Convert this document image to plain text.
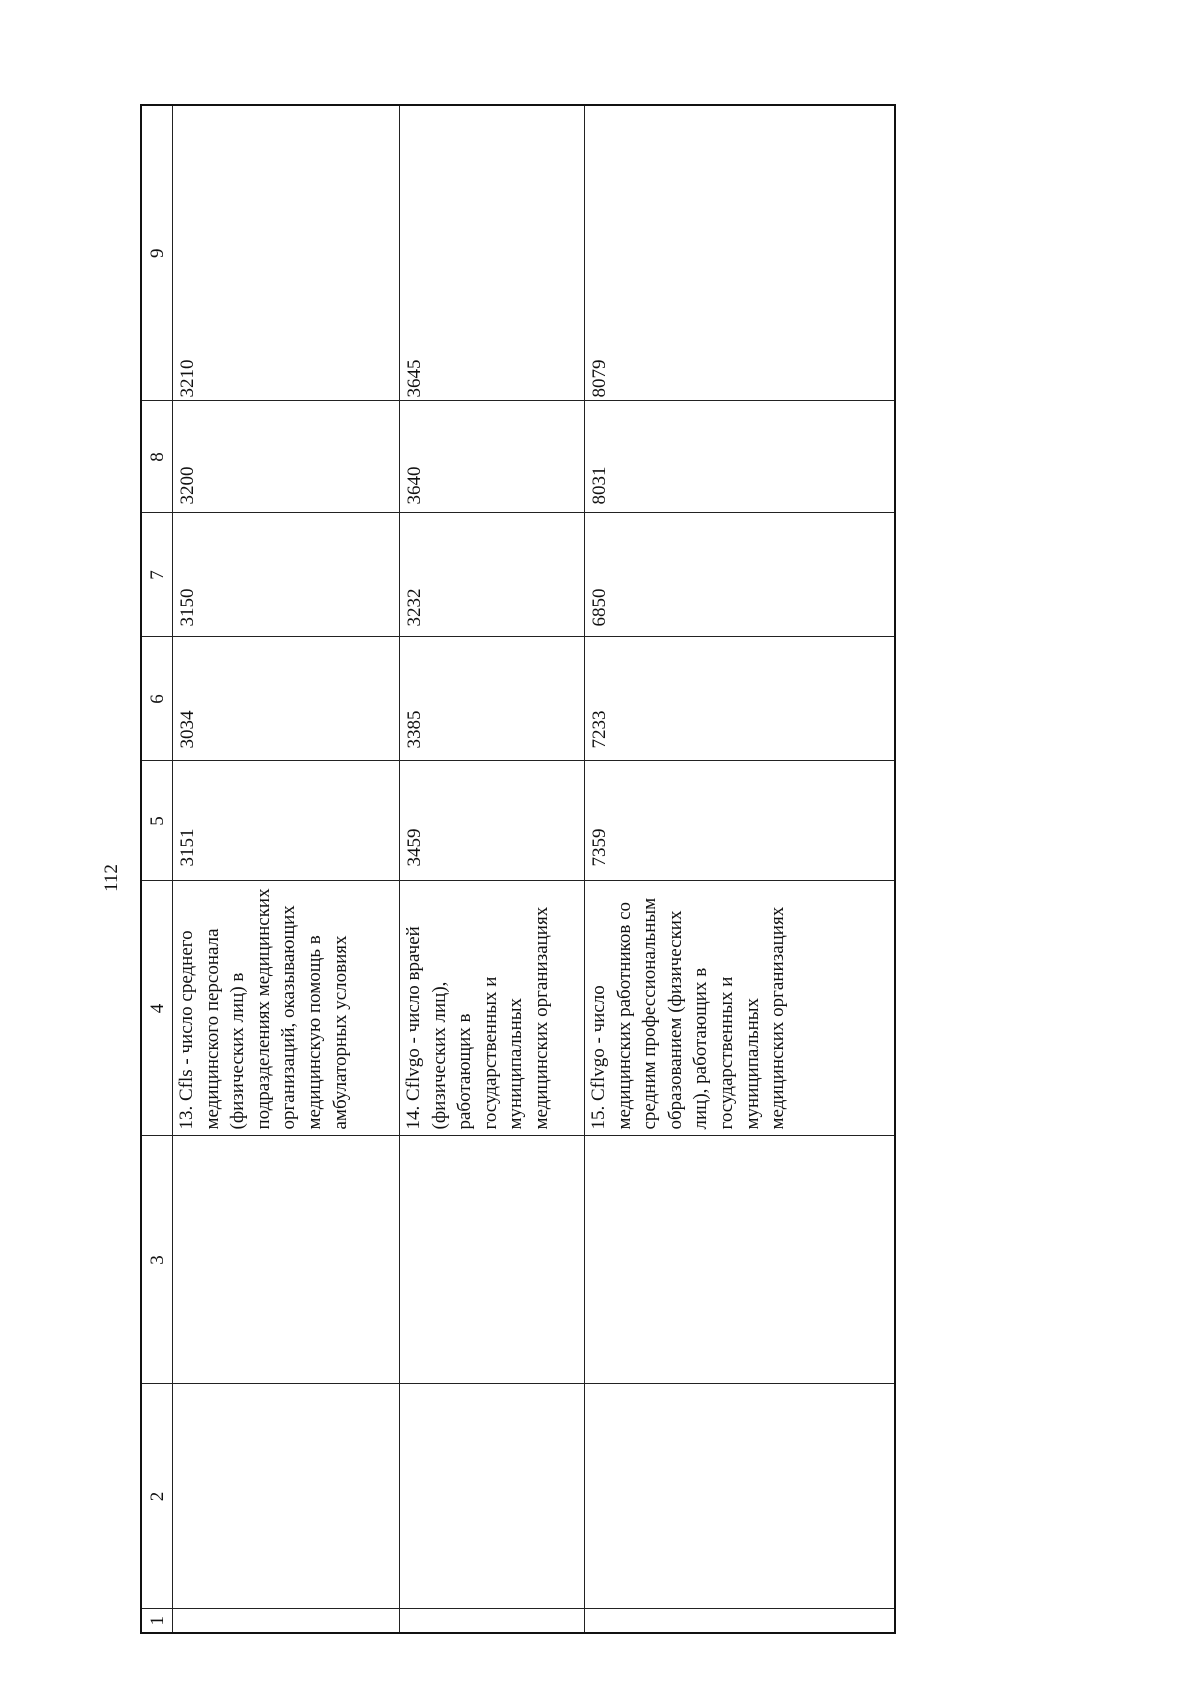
112
1	2	3	4	5	6	7	8	9
			13. Cfls - число среднего медицинского персонала (физических лиц) в подразделениях медицинских организаций, оказывающих медицинскую помощь в амбулаторных условиях	3151	3034	3150	3200	3210
			14. Cflvgo - число врачей (физических лиц), работающих в государственных и муниципальных медицинских организациях	3459	3385	3232	3640	3645
			15. Cflvgo - число медицинских работников со средним профессиональным образованием (физических лиц), работающих в государственных и муниципальных медицинских организациях	7359	7233	6850	8031	8079
